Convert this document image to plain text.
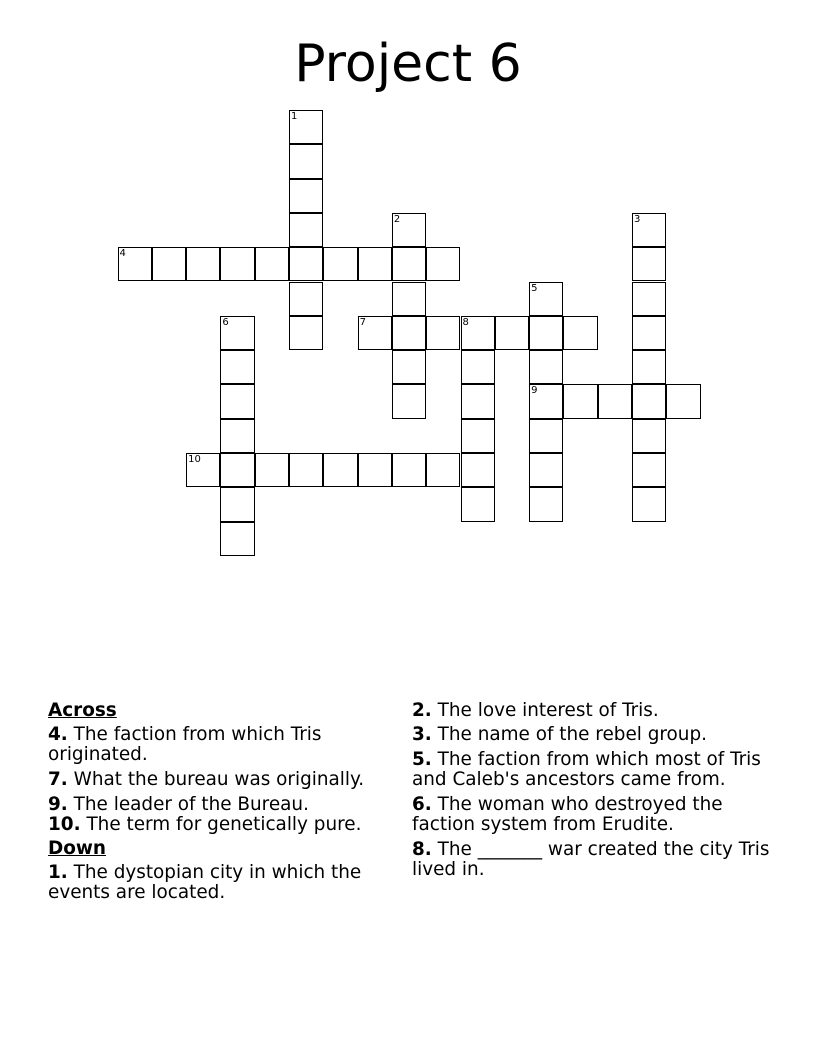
Project 6
1
2	3
4
5
9
6	7	8
10
Across
4. The faction from which Tris originated.
7. What the bureau was originally.
9. The leader of the Bureau.
10. The term for genetically pure.
Down
1. The dystopian city in which the events are located.
2. The love interest of Tris.
3. The name of the rebel group.
5. The faction from which most of Tris and Caleb's ancestors came from.
6. The woman who destroyed the faction system from Erudite.
8. The _______ war created the city Tris lived in.
